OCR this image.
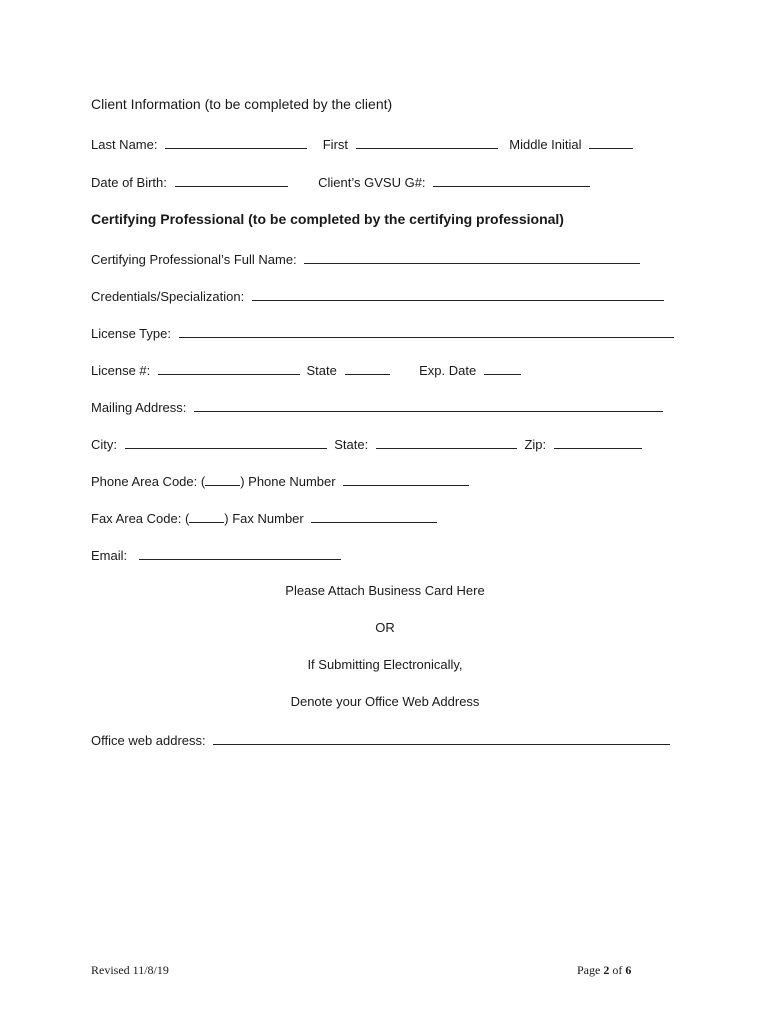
Client Information (to be completed by the client)
Last Name:	First	Middle Initial
Date of Birth:	Client’s GVSU G#:
Certifying Professional (to be completed by the certifying professional)
Certifying Professional’s Full Name:
Credentials/Specialization:
License Type:
License #:	State	Exp. Date
Mailing Address:
City:	State:	Zip:
Phone Area Code: (	) Phone Number
Fax Area Code: (	) Fax Number
Email:
Please Attach Business Card Here
OR
If Submitting Electronically,
Denote your Office Web Address
Office web address:
Revised 11/8/19	Page 2 of 6
